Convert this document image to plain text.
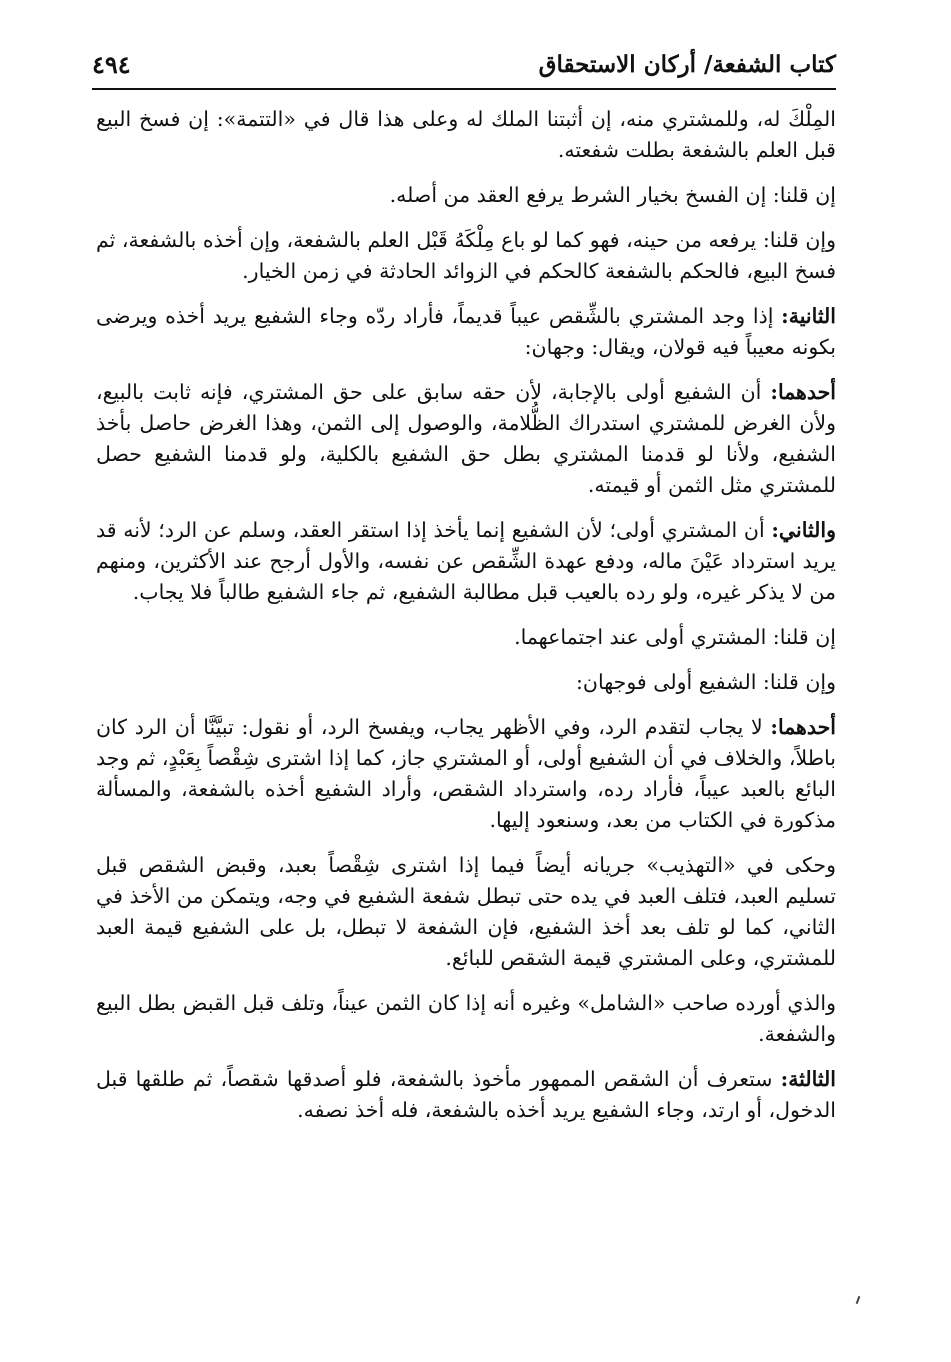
كتاب الشفعة/ أركان الاستحقاق
٤٩٤

المِلْكَ له، وللمشتري منه، إن أثبتنا الملك له وعلى هذا قال في «التتمة»: إن فسخ البيع قبل العلم بالشفعة بطلت شفعته.

إن قلنا: إن الفسخ بخيار الشرط يرفع العقد من أصله.

وإن قلنا: يرفعه من حينه، فهو كما لو باع مِلْكَهُ قَبْل العلم بالشفعة، وإن أخذه بالشفعة، ثم فسخ البيع، فالحكم بالشفعة كالحكم في الزوائد الحادثة في زمن الخيار.

الثانية: إذا وجد المشتري بالشِّقص عيباً قديماً، فأراد ردّه وجاء الشفيع يريد أخذه ويرضى بكونه معيباً فيه قولان، ويقال: وجهان:

أحدهما: أن الشفيع أولى بالإجابة، لأن حقه سابق على حق المشتري، فإنه ثابت بالبيع، ولأن الغرض للمشتري استدراك الظُّلامة، والوصول إلى الثمن، وهذا الغرض حاصل بأخذ الشفيع، ولأنا لو قدمنا المشتري بطل حق الشفيع بالكلية، ولو قدمنا الشفيع حصل للمشتري مثل الثمن أو قيمته.

والثاني: أن المشتري أولى؛ لأن الشفيع إنما يأخذ إذا استقر العقد، وسلم عن الرد؛ لأنه قد يريد استرداد عَيْنَ ماله، ودفع عهدة الشِّقص عن نفسه، والأول أرجح عند الأكثرين، ومنهم من لا يذكر غيره، ولو رده بالعيب قبل مطالبة الشفيع، ثم جاء الشفيع طالباً فلا يجاب.

إن قلنا: المشتري أولى عند اجتماعهما.

وإن قلنا: الشفيع أولى فوجهان:

أحدهما: لا يجاب لتقدم الرد، وفي الأظهر يجاب، ويفسخ الرد، أو نقول: تبيَّنَّا أن الرد كان باطلاً، والخلاف في أن الشفيع أولى، أو المشتري جاز، كما إذا اشترى شِقْصاً بِعَبْدٍ، ثم وجد البائع بالعبد عيباً، فأراد رده، واسترداد الشقص، وأراد الشفيع أخذه بالشفعة، والمسألة مذكورة في الكتاب من بعد، وسنعود إليها.

وحكى في «التهذيب» جريانه أيضاً فيما إذا اشترى شِقْصاً بعبد، وقبض الشقص قبل تسليم العبد، فتلف العبد في يده حتى تبطل شفعة الشفيع في وجه، ويتمكن من الأخذ في الثاني، كما لو تلف بعد أخذ الشفيع، فإن الشفعة لا تبطل، بل على الشفيع قيمة العبد للمشتري، وعلى المشتري قيمة الشقص للبائع.

والذي أورده صاحب «الشامل» وغيره أنه إذا كان الثمن عيناً، وتلف قبل القبض بطل البيع والشفعة.

الثالثة: ستعرف أن الشقص الممهور مأخوذ بالشفعة، فلو أصدقها شقصاً، ثم طلقها قبل الدخول، أو ارتد، وجاء الشفيع يريد أخذه بالشفعة، فله أخذ نصفه.
